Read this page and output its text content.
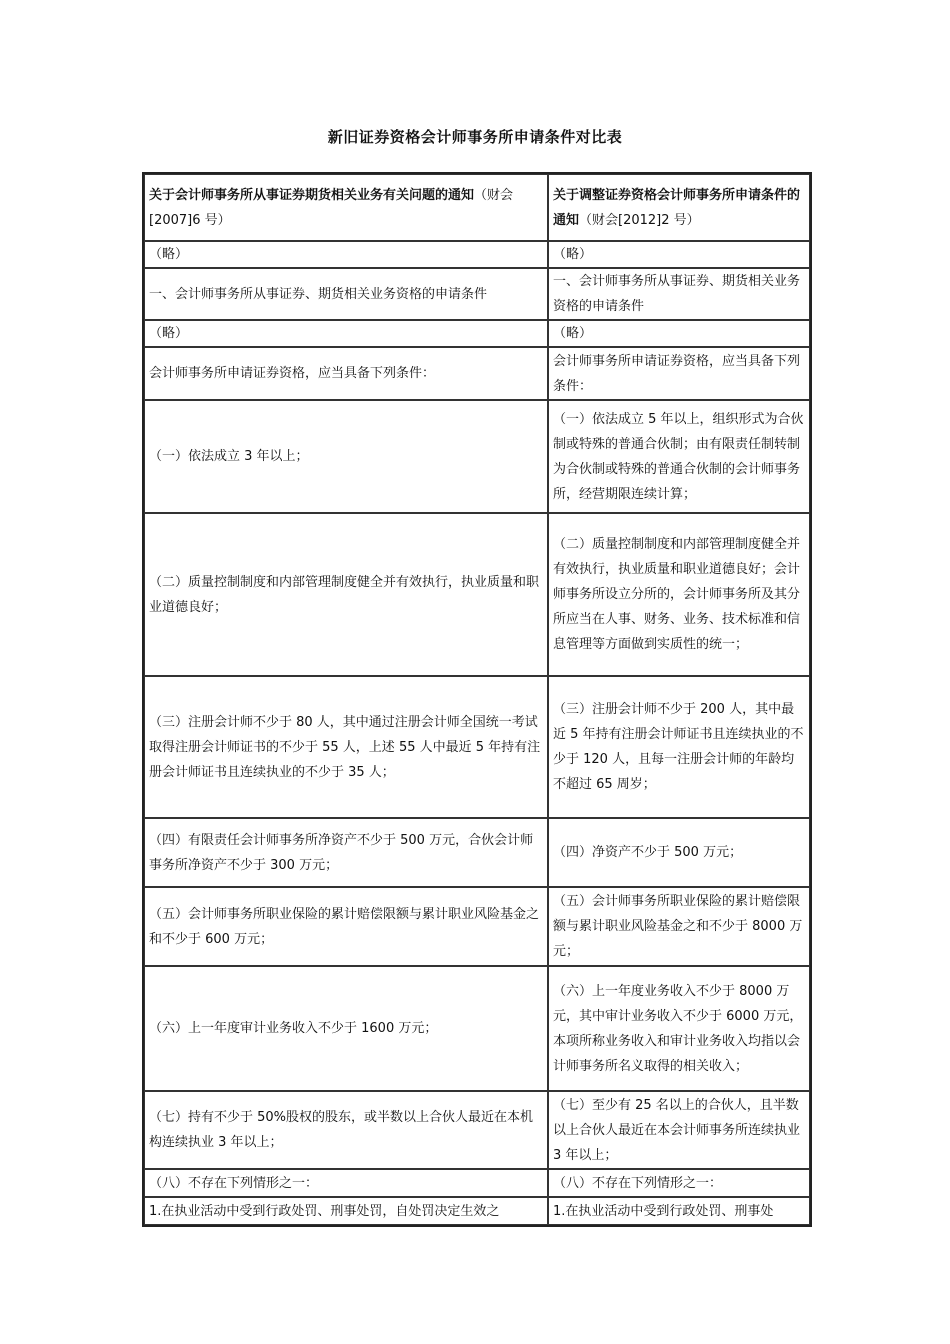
新旧证券资格会计师事务所申请条件对比表
关于会计师事务所从事证券期货相关业务有关问题的通知（财会[2007]6 号）	关于调整证券资格会计师事务所申请条件的通知（财会[2012]2 号）
（略）	（略）
一、会计师事务所从事证券、期货相关业务资格的申请条件	一、会计师事务所从事证券、期货相关业务资格的申请条件
（略）	（略）
会计师事务所申请证券资格，应当具备下列条件：	会计师事务所申请证券资格，应当具备下列条件：
（一）依法成立 3 年以上；	（一）依法成立 5 年以上，组织形式为合伙制或特殊的普通合伙制；由有限责任制转制为合伙制或特殊的普通合伙制的会计师事务所，经营期限连续计算；
（二）质量控制制度和内部管理制度健全并有效执行，执业质量和职业道德良好；	（二）质量控制制度和内部管理制度健全并有效执行，执业质量和职业道德良好；会计师事务所设立分所的，会计师事务所及其分所应当在人事、财务、业务、技术标准和信息管理等方面做到实质性的统一；
（三）注册会计师不少于 80 人，其中通过注册会计师全国统一考试取得注册会计师证书的不少于 55 人，上述 55 人中最近 5 年持有注册会计师证书且连续执业的不少于 35 人；	（三）注册会计师不少于 200 人，其中最近 5 年持有注册会计师证书且连续执业的不少于 120 人，且每一注册会计师的年龄均不超过 65 周岁；
（四）有限责任会计师事务所净资产不少于 500 万元，合伙会计师事务所净资产不少于 300 万元；	（四）净资产不少于 500 万元；
（五）会计师事务所职业保险的累计赔偿限额与累计职业风险基金之和不少于 600 万元；	（五）会计师事务所职业保险的累计赔偿限额与累计职业风险基金之和不少于 8000 万元；
（六）上一年度审计业务收入不少于 1600 万元；	（六）上一年度业务收入不少于 8000 万元，其中审计业务收入不少于 6000 万元，本项所称业务收入和审计业务收入均指以会计师事务所名义取得的相关收入；
（七）持有不少于 50%股权的股东，或半数以上合伙人最近在本机构连续执业 3 年以上；	（七）至少有 25 名以上的合伙人，且半数以上合伙人最近在本会计师事务所连续执业 3 年以上；
（八）不存在下列情形之一：	（八）不存在下列情形之一：
1.在执业活动中受到行政处罚、刑事处罚，自处罚决定生效之	1.在执业活动中受到行政处罚、刑事处
